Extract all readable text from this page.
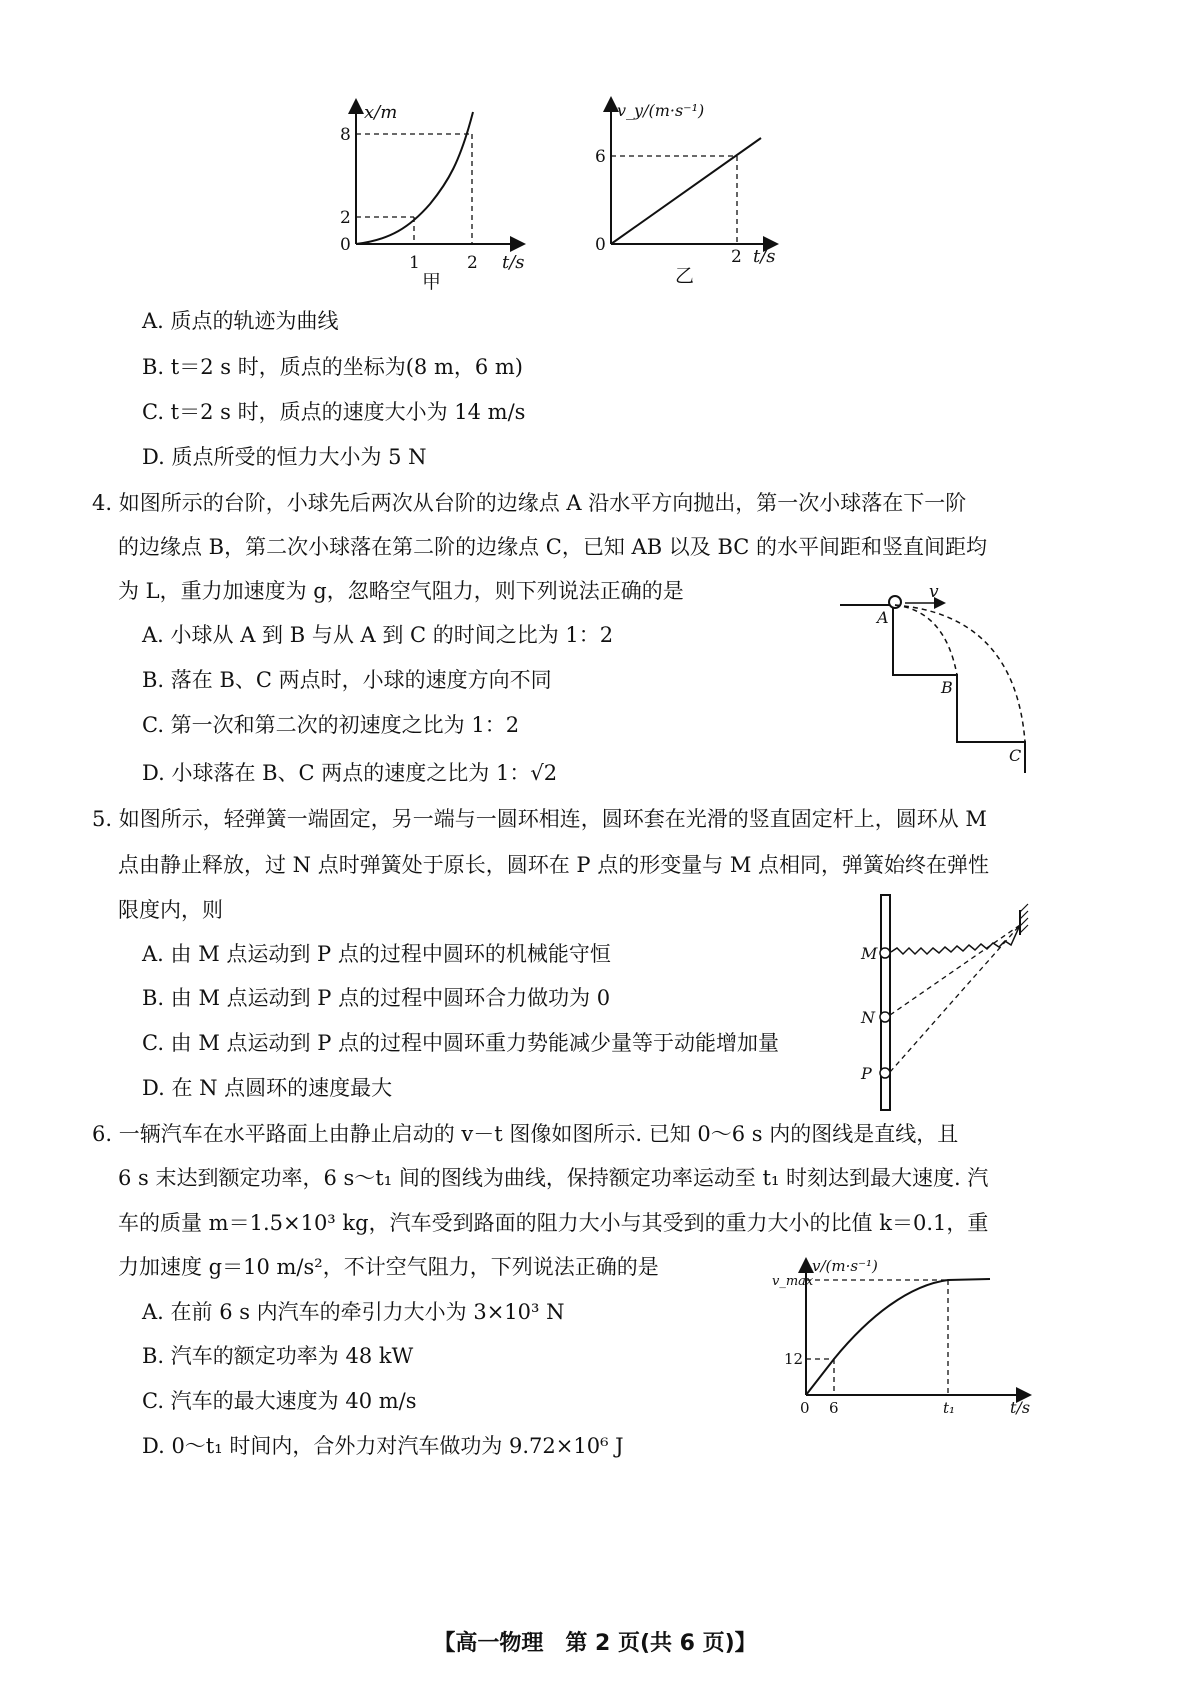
x/m
8
2
0
1	2 t/s
甲
v_y/(m·s⁻¹)
6
0
2 t/s
乙
A. 质点的轨迹为曲线
B. t＝2 s 时，质点的坐标为(8 m，6 m)
C. t＝2 s 时，质点的速度大小为 14 m/s
D. 质点所受的恒力大小为 5 N
4. 如图所示的台阶，小球先后两次从台阶的边缘点 A 沿水平方向抛出，第一次小球落在下一阶
的边缘点 B，第二次小球落在第二阶的边缘点 C，已知 AB 以及 BC 的水平间距和竖直间距均
为 L，重力加速度为 g，忽略空气阻力，则下列说法正确的是
A. 小球从 A 到 B 与从 A 到 C 的时间之比为 1：2
B. 落在 B、C 两点时，小球的速度方向不同
C. 第一次和第二次的初速度之比为 1：2
D. 小球落在 B、C 两点的速度之比为 1：√2
v
A
B
C
5. 如图所示，轻弹簧一端固定，另一端与一圆环相连，圆环套在光滑的竖直固定杆上，圆环从 M
点由静止释放，过 N 点时弹簧处于原长，圆环在 P 点的形变量与 M 点相同，弹簧始终在弹性
限度内，则
A. 由 M 点运动到 P 点的过程中圆环的机械能守恒
B. 由 M 点运动到 P 点的过程中圆环合力做功为 0
C. 由 M 点运动到 P 点的过程中圆环重力势能减少量等于动能增加量
D. 在 N 点圆环的速度最大
M
N
P
6. 一辆汽车在水平路面上由静止启动的 v－t 图像如图所示. 已知 0～6 s 内的图线是直线，且
6 s 末达到额定功率，6 s～t₁ 间的图线为曲线，保持额定功率运动至 t₁ 时刻达到最大速度. 汽
车的质量 m＝1.5×10³ kg，汽车受到路面的阻力大小与其受到的重力大小的比值 k＝0.1，重
力加速度 g＝10 m/s²，不计空气阻力，下列说法正确的是
A. 在前 6 s 内汽车的牵引力大小为 3×10³ N
B. 汽车的额定功率为 48 kW
C. 汽车的最大速度为 40 m/s
D. 0～t₁ 时间内，合外力对汽车做功为 9.72×10⁶ J
v/(m·s⁻¹)
v_max
12
0 6	t₁	t/s
【高一物理　第 2 页(共 6 页)】
